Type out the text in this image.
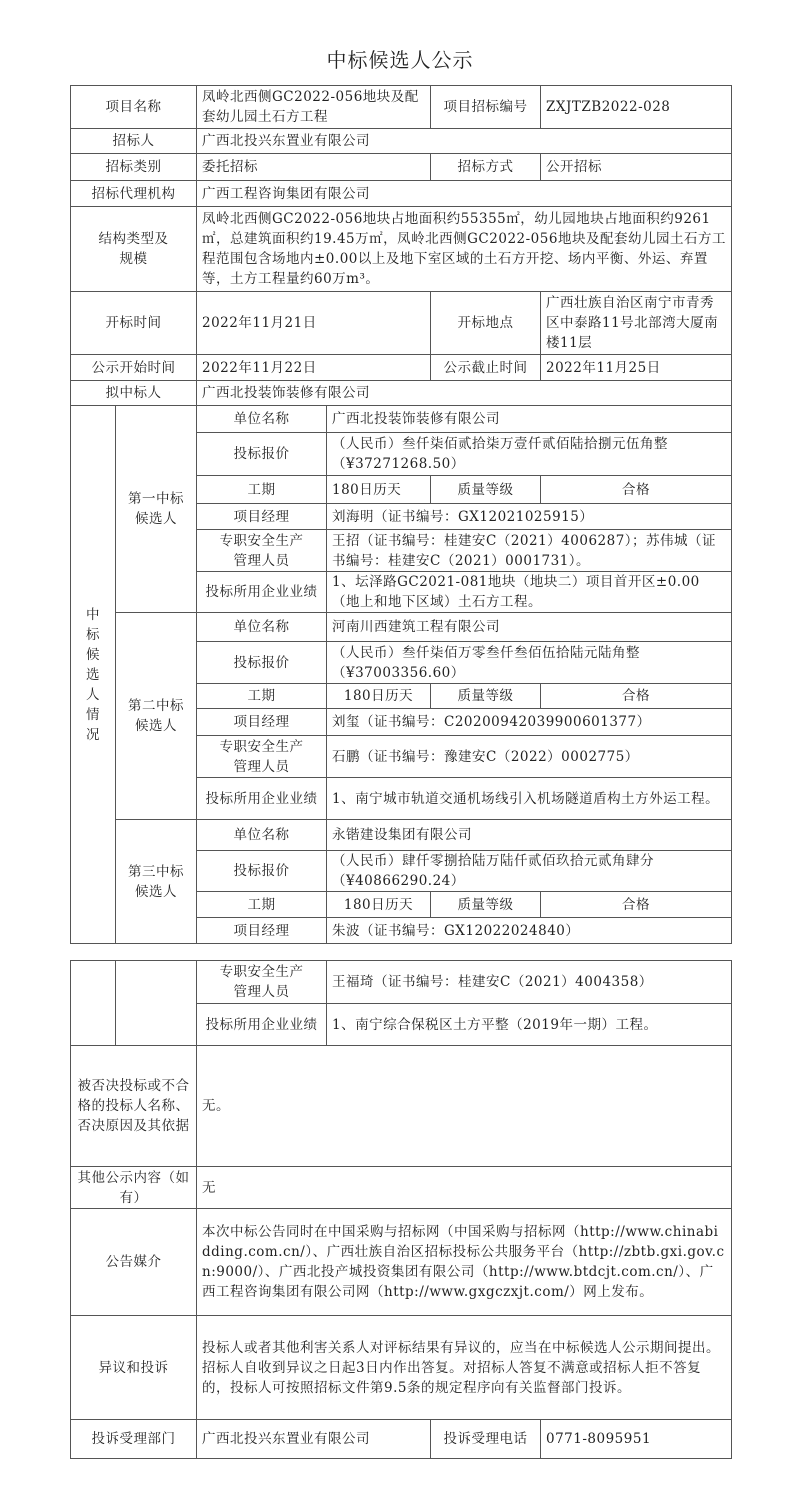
中标候选人公示
项目名称		凤岭北西侧GC2022-056地块及配套幼儿园土石方工程		项目招标编号	ZXJTZB2022-028
招标人		广西北投兴东置业有限公司			
招标类别		委托招标		招标方式	公开招标
招标代理机构		广西工程咨询集团有限公司			
结构类型及规模		凤岭北西侧GC2022-056地块占地面积约55355㎡，幼儿园地块占地面积约9261㎡，总建筑面积约19.45万㎡，凤岭北西侧GC2022-056地块及配套幼儿园土石方工程范围包含场地内±0.00以上及地下室区域的土石方开挖、场内平衡、外运、弃置等，土方工程量约60万m³。			
开标时间		2022年11月21日		开标地点	广西壮族自治区南宁市青秀区中泰路11号北部湾大厦南楼11层
公示开始时间		2022年11月22日		公示截止时间	2022年11月25日
拟中标人		广西北投装饰装修有限公司			
中标候选人情况	第一中标候选人	单位名称	广西北投装饰装修有限公司		
		投标报价	（人民币）叁仟柒佰贰拾柒万壹仟贰佰陆拾捌元伍角整（¥37271268.50）		
		工期	180日历天	质量等级	合格
		项目经理	刘海明（证书编号：GX12021025915）		
		专职安全生产管理人员	王招（证书编号：桂建安C（2021）4006287）；苏伟城（证书编号：桂建安C（2021）0001731）。		
		投标所用企业业绩	1、坛泽路GC2021-081地块（地块二）项目首开区±0.00（地上和地下区域）土石方工程。		
	第二中标候选人	单位名称	河南川西建筑工程有限公司		
		投标报价	（人民币）叁仟柒佰万零叁仟叁佰伍拾陆元陆角整（¥37003356.60）		
		工期	180日历天	质量等级	合格
		项目经理	刘玺（证书编号：C20200942039900601377）		
		专职安全生产管理人员	石鹏（证书编号：豫建安C（2022）0002775）		
		投标所用企业业绩	1、南宁城市轨道交通机场线引入机场隧道盾构土方外运工程。		
	第三中标候选人	单位名称	永锴建设集团有限公司		
		投标报价	（人民币）肆仟零捌拾陆万陆仟贰佰玖拾元贰角肆分（¥40866290.24）		
		工期	180日历天	质量等级	合格
		项目经理	朱波（证书编号：GX12022024840）		
		专职安全生产管理人员	王福琦（证书编号：桂建安C（2021）4004358）		
		投标所用企业业绩	1、南宁综合保税区土方平整（2019年一期）工程。		
被否决投标或不合格的投标人名称、否决原因及其依据		无。			
其他公示内容（如有）		无			
公告媒介		本次中标公告同时在中国采购与招标网（中国采购与招标网（http://www.chinabidding.com.cn/）、广西壮族自治区招标投标公共服务平台（http://zbtb.gxi.gov.cn:9000/）、广西北投产城投资集团有限公司（http://www.btdcjt.com.cn/）、广西工程咨询集团有限公司网（http://www.gxgczxjt.com/）网上发布。			
异议和投诉		投标人或者其他利害关系人对评标结果有异议的，应当在中标候选人公示期间提出。招标人自收到异议之日起3日内作出答复。对招标人答复不满意或招标人拒不答复的，投标人可按照招标文件第9.5条的规定程序向有关监督部门投诉。			
投诉受理部门		广西北投兴东置业有限公司		投诉受理电话	0771-8095951
